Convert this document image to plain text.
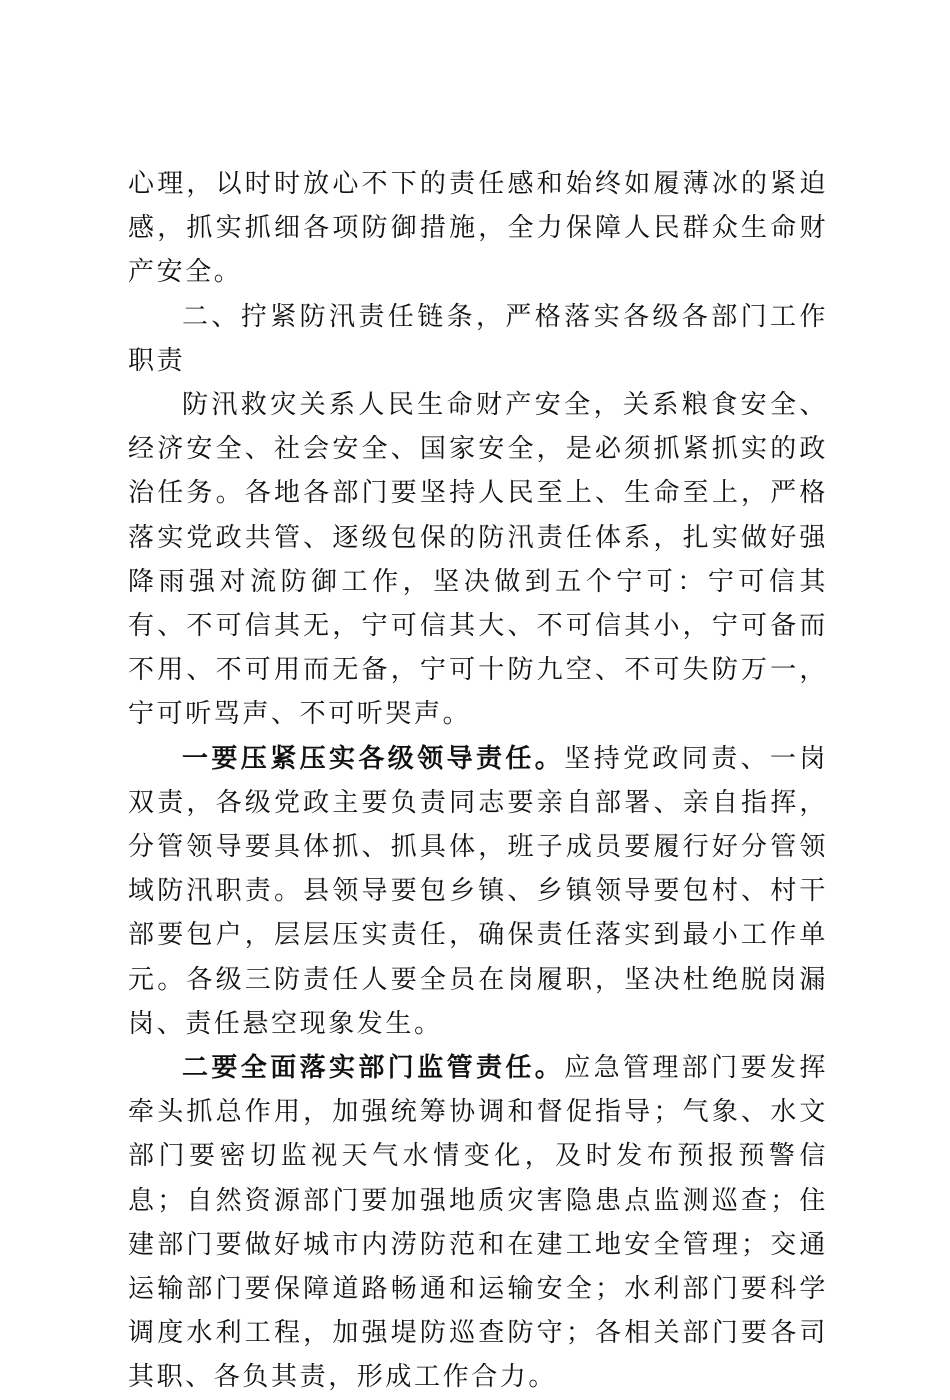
心理，以时时放心不下的责任感和始终如履薄冰的紧迫感，抓实抓细各项防御措施，全力保障人民群众生命财产安全。

二、拧紧防汛责任链条，严格落实各级各部门工作职责

防汛救灾关系人民生命财产安全，关系粮食安全、经济安全、社会安全、国家安全，是必须抓紧抓实的政治任务。各地各部门要坚持人民至上、生命至上，严格落实党政共管、逐级包保的防汛责任体系，扎实做好强降雨强对流防御工作，坚决做到五个宁可：宁可信其有、不可信其无，宁可信其大、不可信其小，宁可备而不用、不可用而无备，宁可十防九空、不可失防万一，宁可听骂声、不可听哭声。

一要压紧压实各级领导责任。坚持党政同责、一岗双责，各级党政主要负责同志要亲自部署、亲自指挥，分管领导要具体抓、抓具体，班子成员要履行好分管领域防汛职责。县领导要包乡镇、乡镇领导要包村、村干部要包户，层层压实责任，确保责任落实到最小工作单元。各级三防责任人要全员在岗履职，坚决杜绝脱岗漏岗、责任悬空现象发生。

二要全面落实部门监管责任。应急管理部门要发挥牵头抓总作用，加强统筹协调和督促指导；气象、水文部门要密切监视天气水情变化，及时发布预报预警信息；自然资源部门要加强地质灾害隐患点监测巡查；住建部门要做好城市内涝防范和在建工地安全管理；交通运输部门要保障道路畅通和运输安全；水利部门要科学调度水利工程，加强堤防巡查防守；各相关部门要各司其职、各负其责，形成工作合力。
